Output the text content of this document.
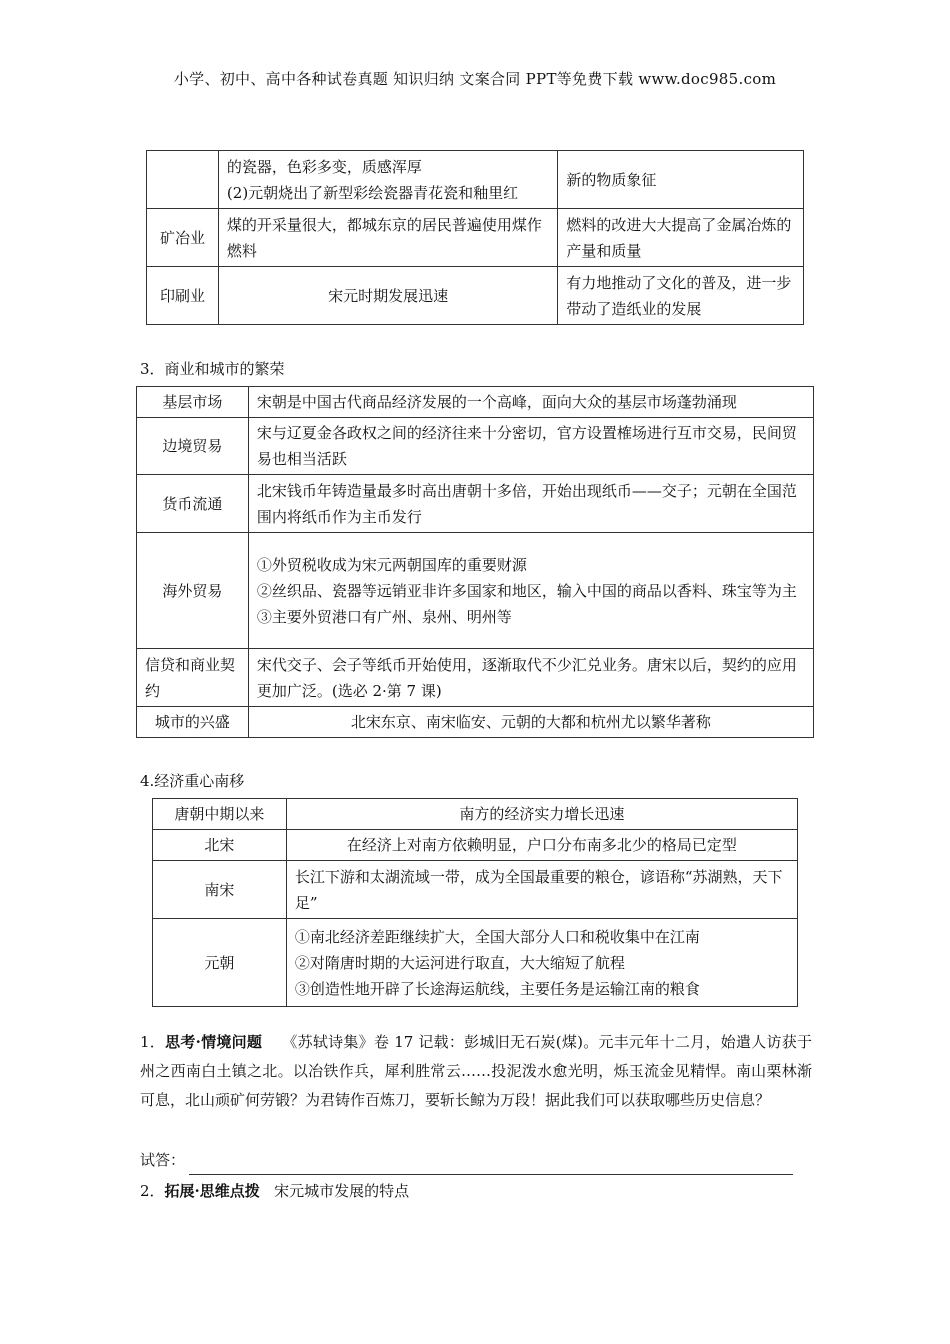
小学、初中、高中各种试卷真题 知识归纳 文案合同 PPT等免费下载 www.doc985.com

	的瓷器，色彩多变，质感浑厚
(2)元朝烧出了新型彩绘瓷器青花瓷和釉里红	新的物质象征
矿冶业	煤的开采量很大，都城东京的居民普遍使用煤作燃料	燃料的改进大大提高了金属冶炼的产量和质量
印刷业	宋元时期发展迅速	有力地推动了文化的普及，进一步带动了造纸业的发展
3．商业和城市的繁荣
基层市场	宋朝是中国古代商品经济发展的一个高峰，面向大众的基层市场蓬勃涌现
边境贸易	宋与辽夏金各政权之间的经济往来十分密切，官方设置榷场进行互市交易，民间贸易也相当活跃
货币流通	北宋钱币年铸造量最多时高出唐朝十多倍，开始出现纸币——交子；元朝在全国范围内将纸币作为主币发行
海外贸易	①外贸税收成为宋元两朝国库的重要财源
②丝织品、瓷器等远销亚非许多国家和地区，输入中国的商品以香料、珠宝等为主
③主要外贸港口有广州、泉州、明州等

信贷和商业契约	宋代交子、会子等纸币开始使用，逐渐取代不少汇兑业务。唐宋以后，契约的应用更加广泛。(选必 2·第 7 课)
城市的兴盛	北宋东京、南宋临安、元朝的大都和杭州尤以繁华著称
4.经济重心南移
唐朝中期以来	南方的经济实力增长迅速
北宋	在经济上对南方依赖明显，户口分布南多北少的格局已定型
南宋	长江下游和太湖流域一带，成为全国最重要的粮仓，谚语称“苏湖熟，天下足”
元朝	①南北经济差距继续扩大，全国大部分人口和税收集中在江南
②对隋唐时期的大运河进行取直，大大缩短了航程
③创造性地开辟了长途海运航线，主要任务是运输江南的粮食
1．思考·情境问题 《苏轼诗集》卷 17 记载：彭城旧无石炭(煤)。元丰元年十二月，始遣人访获于州之西南白土镇之北。以冶铁作兵，犀利胜常云……投泥泼水愈光明，烁玉流金见精悍。南山栗林渐可息，北山顽矿何劳锻？为君铸作百炼刀，要斩长鲸为万段！据此我们可以获取哪些历史信息？
试答：
2．拓展·思维点拨 宋元城市发展的特点
